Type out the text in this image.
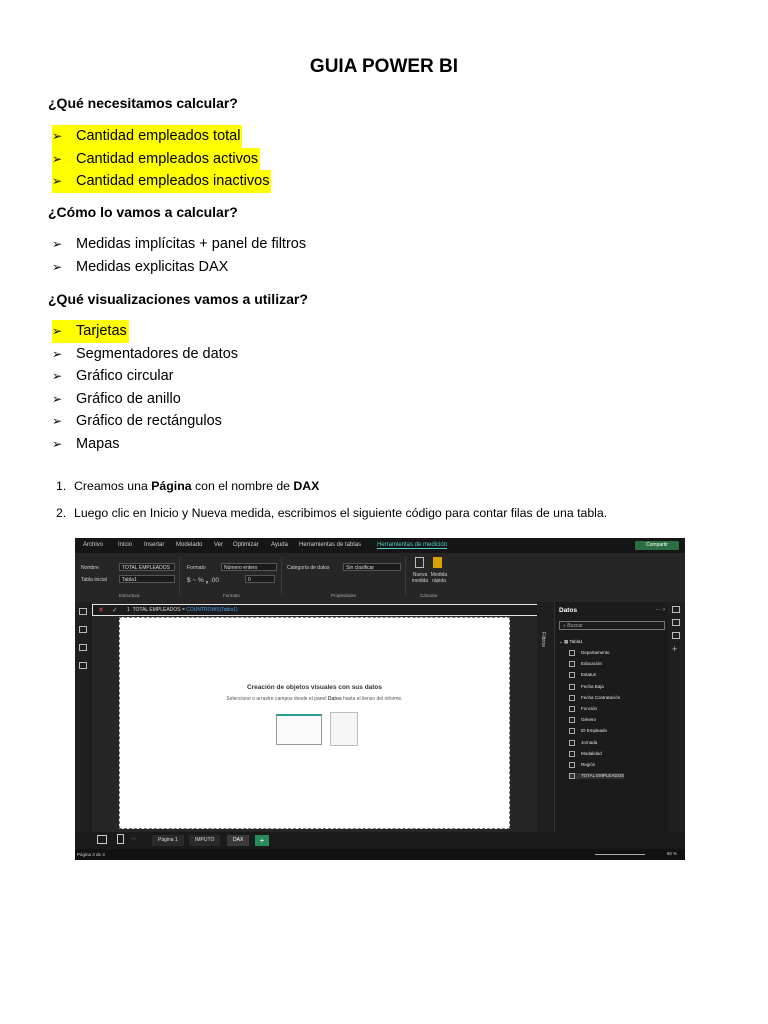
GUIA POWER BI
¿Qué necesitamos calcular?
➢ Cantidad empleados total
➢ Cantidad empleados activos
➢ Cantidad empleados inactivos
¿Cómo lo vamos a calcular?
➢ Medidas implícitas + panel de filtros
➢ Medidas explicitas DAX
¿Qué visualizaciones vamos a utilizar?
➢ Tarjetas
➢ Segmentadores de datos
➢ Gráfico circular
➢ Gráfico de anillo
➢ Gráfico de rectángulos
➢ Mapas
1. Creamos una Página con el nombre de DAX
2. Luego clic en Inicio y Nueva medida, escribimos el siguiente código para contar filas de una tabla.
Archivo Inicio Insertar Modelado Ver Optimizar Ayuda Herramientas de tablas	Herramientas de medición	Compartir
Nombre	TOTAL EMPLEADOS
Tabla inicial	Tabla1
Estructura
Formato	Número entero
$ ~ % ❟ .00	0
Formato
Categoría de datos	Sin clasificar
Propiedades
Nueva medida
Medida rápida
Cálculos
✕ ✓ 1 TOTAL EMPLEADOS = COUNTROWS(Tabla1)
Creación de objetos visuales con sus datos
Seleccione o arrastre campos desde el panel Datos hasta el lienzo del informe.
Filtros
Datos	··· ›
⌕ Buscar
⌄ ▦ Tabla1
Departamento
Educación
Estatus
Fecha Baja
Fecha Contratación
Función
Género
ID Empleado
Jornada
Modalidad
Región
TOTAL EMPLEADOS
+
‹ ›	Página 1	IMPUTO	DAX	+
Página 3 de 3	68 %
